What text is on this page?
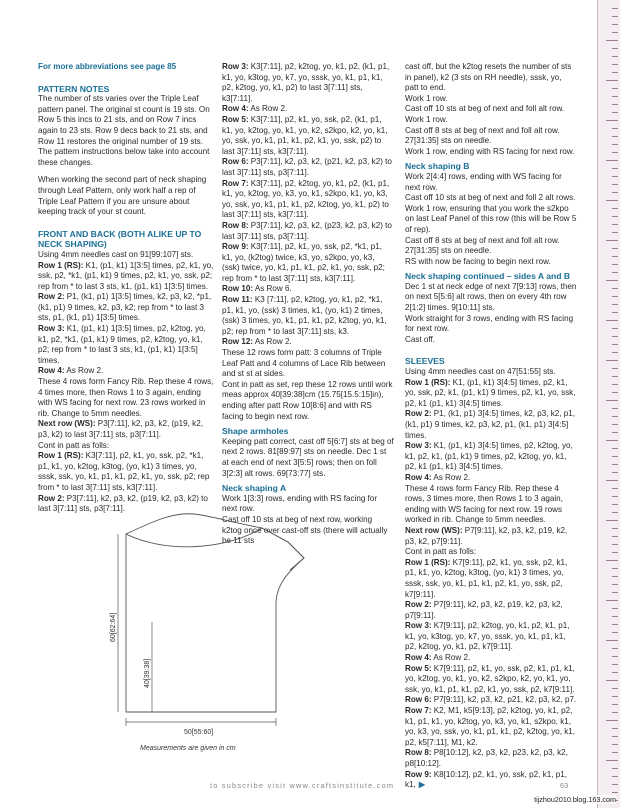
For more abbreviations see page 85

PATTERN NOTES

The number of sts varies over the Triple Leaf pattern panel. The original st count is 19 sts. On Row 5 this incs to 21 sts, and on Row 7 incs again to 23 sts. Row 9 decs back to 21 sts, and Row 11 restores the original number of 19 sts. The pattern instructions below take into account these changes.

When working the second part of neck shaping through Leaf Pattern, only work half a rep of Triple Leaf Pattern if you are unsure about keeping track of your st count.

FRONT AND BACK (BOTH ALIKE UP TO NECK SHAPING)

Using 4mm needles cast on 91[99:107] sts.

Row 1 (RS): K1, (p1, k1) 1[3:5] times, p2, k1, yo, ssk, p2, *k1, (p1, k1) 9 times, p2, k1, yo, ssk, p2; rep from * to last 3 sts, k1, (p1, k1) 1[3:5] times.

Row 2: P1, (k1, p1) 1[3:5] times, k2, p3, k2, *p1, (k1, p1) 9 times, k2, p3, k2; rep from * to last 3 sts, p1, (k1, p1) 1[3:5] times.

Row 3: K1, (p1, k1) 1[3:5] times, p2, k2tog, yo, k1, p2, *k1, (p1, k1) 9 times, p2, k2tog, yo, k1, p2; rep from * to last 3 sts, k1, (p1, k1) 1[3:5] times.

Row 4: As Row 2.

These 4 rows form Fancy Rib. Rep these 4 rows, 4 times more, then Rows 1 to 3 again, ending with WS facing for next row. 23 rows worked in rib. Change to 5mm needles.

Next row (WS): P3[7:11], k2, p3, k2, (p19, k2, p3, k2) to last 3[7:11] sts, p3[7:11].

Cont in patt as folls:

Row 1 (RS): K3[7:11], p2, k1, yo, ssk, p2, *k1, p1, k1, yo, k2tog, k3tog, (yo, k1) 3 times, yo, sssk, ssk, yo, k1, p1, k1, p2, k1, yo, ssk, p2; rep from * to last 3[7:11] sts, k3[7:11].

Row 2: P3[7:11], k2, p3, k2, (p19, k2, p3, k2) to last 3[7:11] sts, p3[7:11].

Row 3: K3[7:11], p2, k2tog, yo, k1, p2, (k1, p1, k1, yo, k3tog, yo, k7, yo, sssk, yo, k1, p1, k1, p2, k2tog, yo, k1, p2) to last 3[7:11] sts, k3[7:11].

Row 4: As Row 2.

Row 5: K3[7:11], p2, k1, yo, ssk, p2, (k1, p1, k1, yo, k2tog, yo, k1, yo, k2, s2kpo, k2, yo, k1, yo, ssk, yo, k1, p1, k1, p2, k1, yo, ssk, p2) to last 3[7:11] sts, k3[7:11].

Row 6: P3[7:11], k2, p3, k2, (p21, k2, p3, k2) to last 3[7:11] sts, p3[7:11].

Row 7: K3[7:11], p2, k2tog, yo, k1, p2, (k1, p1, k1, yo, k2tog, yo, k3, yo, k1, s2kpo, k1, yo, k3, yo, ssk, yo, k1, p1, k1, p2, k2tog, yo, k1, p2) to last 3[7:11] sts, k3[7:11].

Row 8: P3[7:11], k2, p3, k2, (p23, k2, p3, k2) to last 3[7:11] sts, p3[7:11].

Row 9: K3[7:11], p2, k1, yo, ssk, p2, *k1, p1, k1, yo, (k2tog) twice, k3, yo, s2kpo, yo, k3, (ssk) twice, yo, k1, p1, k1, p2, k1, yo, ssk, p2; rep from * to last 3[7:11] sts, k3[7:11].

Row 10: As Row 6.

Row 11: K3 [7:11], p2, k2tog, yo, k1, p2, *k1, p1, k1, yo, (ssk) 3 times, k1, (yo, k1) 2 times, (ssk) 3 times, yo, k1, p1, k1, p2, k2tog, yo, k1, p2; rep from * to last 3[7:11] sts, k3.

Row 12: As Row 2.

These 12 rows form patt: 3 columns of Triple Leaf Patt and 4 columns of Lace Rib between and st st at sides.

Cont in patt as set, rep these 12 rows until work meas approx 40[39:38]cm (15.75[15.5:15]in), ending after patt Row 10[8:6] and with RS facing to begin next row.

Shape armholes

Keeping patt correct, cast off 5[6:7] sts at beg of next 2 rows. 81[89:97] sts on needle. Dec 1 st at each end of next 3[5:5] rows; then on foll 3[2:3] alt rows. 69[73:77] sts.

Neck shaping A

Work 1[3:3] rows, ending with RS facing for next row.

Cast off 10 sts at beg of next row, working k2tog once over cast-off sts (there will actually be 11 sts

cast off, but the k2tog resets the number of sts in panel), k2 (3 sts on RH needle), sssk, yo, patt to end.

Work 1 row.

Cast off 10 sts at beg of next and foll alt row.

Work 1 row.

Cast off 8 sts at beg of next and foll alt row. 27[31:35] sts on needle.

Work 1 row, ending with RS facing for next row.

Neck shaping B

Work 2[4:4] rows, ending with WS facing for next row.

Cast off 10 sts at beg of next and foll 2 alt rows. Work 1 row, ensuring that you work the s2kpo on last Leaf Panel of this row (this will be Row 5 of rep).

Cast off 8 sts at beg of next and foll alt row. 27[31:35] sts on needle.

RS with now be facing to begin next row.

Neck shaping continued – sides A and B

Dec 1 st at neck edge of next 7[9:13] rows, then on next 5[5:6] alt rows, then on every 4th row 2[1:2] times. 9[10:11] sts.

Work straight for 3 rows, ending with RS facing for next row.

Cast off.

SLEEVES

Using 4mm needles cast on 47[51:55] sts.

Row 1 (RS): K1, (p1, k1) 3[4:5] times, p2, k1, yo, ssk, p2, k1, (p1, k1) 9 times, p2, k1, yo, ssk, p2, k1 (p1, k1) 3[4:5] times.

Row 2: P1, (k1, p1) 3[4:5] times, k2, p3, k2, p1, (k1, p1) 9 times, k2, p3, k2, p1, (k1, p1) 3[4:5] times.

Row 3: K1, (p1, k1) 3[4:5] times, p2, k2tog, yo, k1, p2, k1, (p1, k1) 9 times, p2, k2tog, yo, k1, p2, k1 (p1, k1) 3[4:5] times.

Row 4: As Row 2.

These 4 rows form Fancy Rib. Rep these 4 rows, 3 times more, then Rows 1 to 3 again, ending with WS facing for next row. 19 rows worked in rib. Change to 5mm needles.

Next row (WS): P7[9:11], k2, p3, k2, p19, k2, p3, k2, p7[9:11].

Cont in patt as folls:

Row 1 (RS): K7[9:11], p2, k1, yo, ssk, p2, k1, p1, k1, yo, k2tog, k3tog, (yo, k1) 3 times, yo, sssk, ssk, yo, k1, p1, k1, p2, k1, yo, ssk, p2, k7[9:11].

Row 2: P7[9:11], k2, p3, k2, p19, k2, p3, k2, p7[9:11].

Row 3: K7[9:11], p2, k2tog, yo, k1, p2, k1, p1, k1, yo, k3tog, yo, k7, yo, sssk, yo, k1, p1, k1, p2, k2tog, yo, k1, p2, k7[9:11].

Row 4: As Row 2.

Row 5: K7[9:11], p2, k1, yo, ssk, p2, k1, p1, k1, yo, k2tog, yo, k1, yo, k2, s2kpo, k2, yo, k1, yo, ssk, yo, k1, p1, k1, p2, k1, yo, ssk, p2, k7[9:11].

Row 6: P7[9:11], k2, p3, k2, p21, k2, p3, k2, p7.

Row 7: K2, M1, k5[9:13], p2, k2tog, yo, k1, p2, k1, p1, k1, yo, k2tog, yo, k3, yo, k1, s2kpo, k1, yo, k3, yo, ssk, yo, k1, p1, k1, p2, k2tog, yo, k1, p2, k5[7:11], M1, k2.

Row 8: P8[10:12], k2, p3, k2, p23, k2, p3, k2, p8[10:12].

Row 9: K8[10:12], p2, k1, yo, ssk, p2, k1, p1, k1, ▶

60[62:64]
40[39:38]
50[55:60]
Measurements are given in cm
to subscribe visit www.craftsinstitute.com	63
tijzhou2010.blog.163.com
